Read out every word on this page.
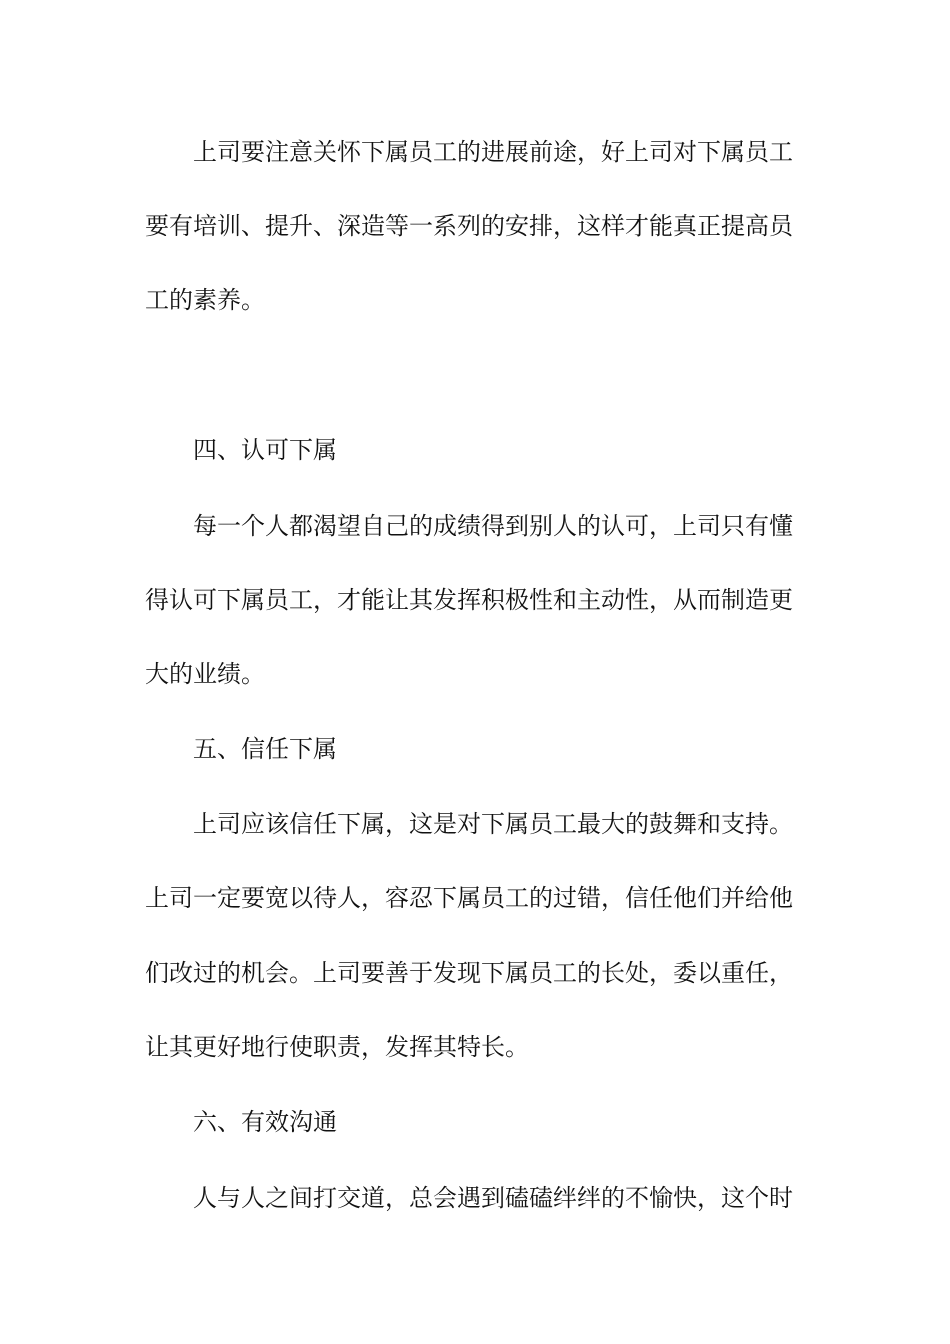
上司要注意关怀下属员工的进展前途，好上司对下属员工
要有培训、提升、深造等一系列的安排，这样才能真正提高员
工的素养。
四、认可下属
每一个人都渴望自己的成绩得到别人的认可，上司只有懂
得认可下属员工，才能让其发挥积极性和主动性，从而制造更
大的业绩。
五、信任下属
上司应该信任下属，这是对下属员工最大的鼓舞和支持。
上司一定要宽以待人，容忍下属员工的过错，信任他们并给他
们改过的机会。上司要善于发现下属员工的长处，委以重任，
让其更好地行使职责，发挥其特长。
六、有效沟通
人与人之间打交道，总会遇到磕磕绊绊的不愉快，这个时
